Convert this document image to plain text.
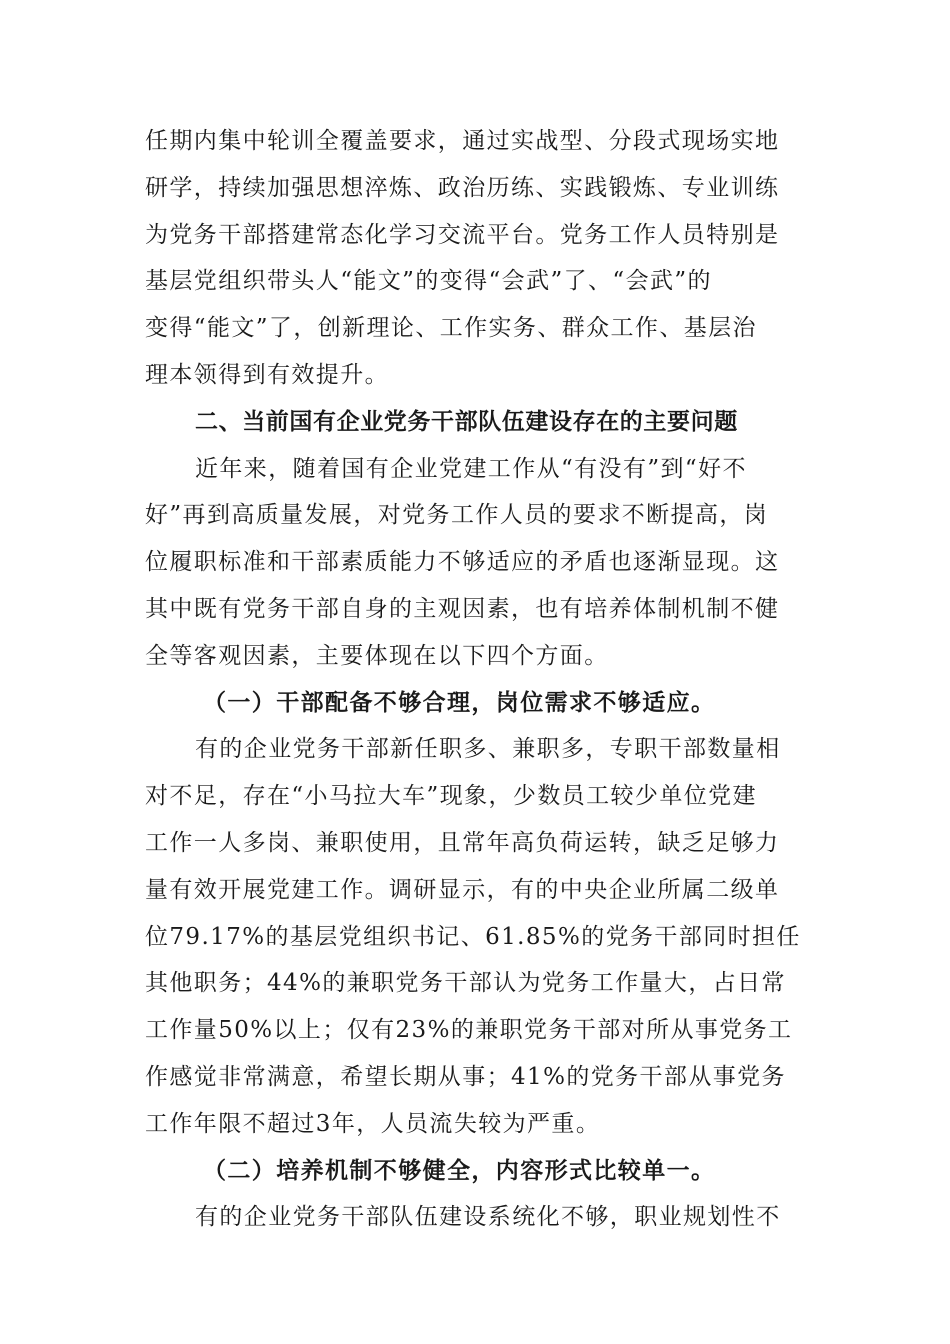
任期内集中轮训全覆盖要求，通过实战型、分段式现场实地
研学，持续加强思想淬炼、政治历练、实践锻炼、专业训练
为党务干部搭建常态化学习交流平台。党务工作人员特别是
基层党组织带头人“能文”的变得“会武”了、“会武”的
变得“能文”了，创新理论、工作实务、群众工作、基层治
理本领得到有效提升。
二、当前国有企业党务干部队伍建设存在的主要问题
近年来，随着国有企业党建工作从“有没有”到“好不
好”再到高质量发展，对党务工作人员的要求不断提高，岗
位履职标准和干部素质能力不够适应的矛盾也逐渐显现。这
其中既有党务干部自身的主观因素，也有培养体制机制不健
全等客观因素，主要体现在以下四个方面。
（一）干部配备不够合理，岗位需求不够适应。
有的企业党务干部新任职多、兼职多，专职干部数量相
对不足，存在“小马拉大车”现象，少数员工较少单位党建
工作一人多岗、兼职使用，且常年高负荷运转，缺乏足够力
量有效开展党建工作。调研显示，有的中央企业所属二级单
位79.17%的基层党组织书记、61.85%的党务干部同时担任
其他职务；44%的兼职党务干部认为党务工作量大，占日常
工作量50%以上；仅有23%的兼职党务干部对所从事党务工
作感觉非常满意，希望长期从事；41%的党务干部从事党务
工作年限不超过3年，人员流失较为严重。
（二）培养机制不够健全，内容形式比较单一。
有的企业党务干部队伍建设系统化不够，职业规划性不
